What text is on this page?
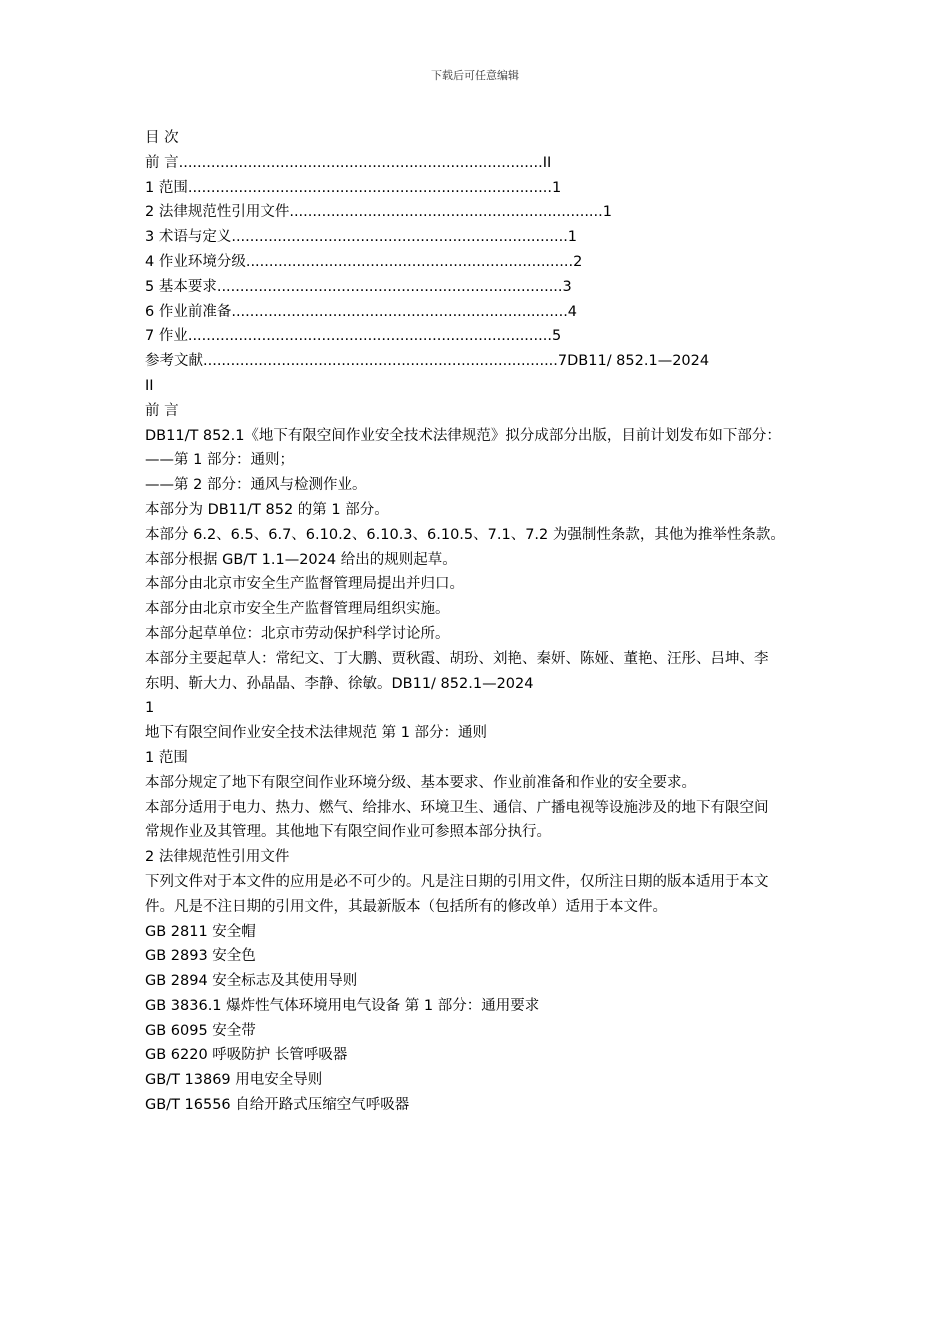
下载后可任意编辑
目 次
前 言...............................................................................II
1 范围...............................................................................1
2 法律规范性引用文件....................................................................1
3 术语与定义.........................................................................1
4 作业环境分级.......................................................................2
5 基本要求...........................................................................3
6 作业前准备.........................................................................4
7 作业...............................................................................5
参考文献.............................................................................7DB11/ 852.1—2024
II
前 言
DB11/T 852.1《地下有限空间作业安全技术法律规范》拟分成部分出版，目前计划发布如下部分：
——第 1 部分：通则；
——第 2 部分：通风与检测作业。
本部分为 DB11/T 852 的第 1 部分。
本部分 6.2、6.5、6.7、6.10.2、6.10.3、6.10.5、7.1、7.2 为强制性条款，其他为推举性条款。
本部分根据 GB/T 1.1—2024 给出的规则起草。
本部分由北京市安全生产监督管理局提出并归口。
本部分由北京市安全生产监督管理局组织实施。
本部分起草单位：北京市劳动保护科学讨论所。
本部分主要起草人：常纪文、丁大鹏、贾秋霞、胡玢、刘艳、秦妍、陈娅、董艳、汪彤、吕坤、李
东明、靳大力、孙晶晶、李静、徐敏。DB11/ 852.1—2024
1
地下有限空间作业安全技术法律规范 第 1 部分：通则
1 范围
本部分规定了地下有限空间作业环境分级、基本要求、作业前准备和作业的安全要求。
本部分适用于电力、热力、燃气、给排水、环境卫生、通信、广播电视等设施涉及的地下有限空间
常规作业及其管理。其他地下有限空间作业可参照本部分执行。
2 法律规范性引用文件
下列文件对于本文件的应用是必不可少的。凡是注日期的引用文件，仅所注日期的版本适用于本文
件。凡是不注日期的引用文件，其最新版本（包括所有的修改单）适用于本文件。
GB 2811 安全帽
GB 2893 安全色
GB 2894 安全标志及其使用导则
GB 3836.1 爆炸性气体环境用电气设备 第 1 部分：通用要求
GB 6095 安全带
GB 6220 呼吸防护 长管呼吸器
GB/T 13869 用电安全导则
GB/T 16556 自给开路式压缩空气呼吸器
